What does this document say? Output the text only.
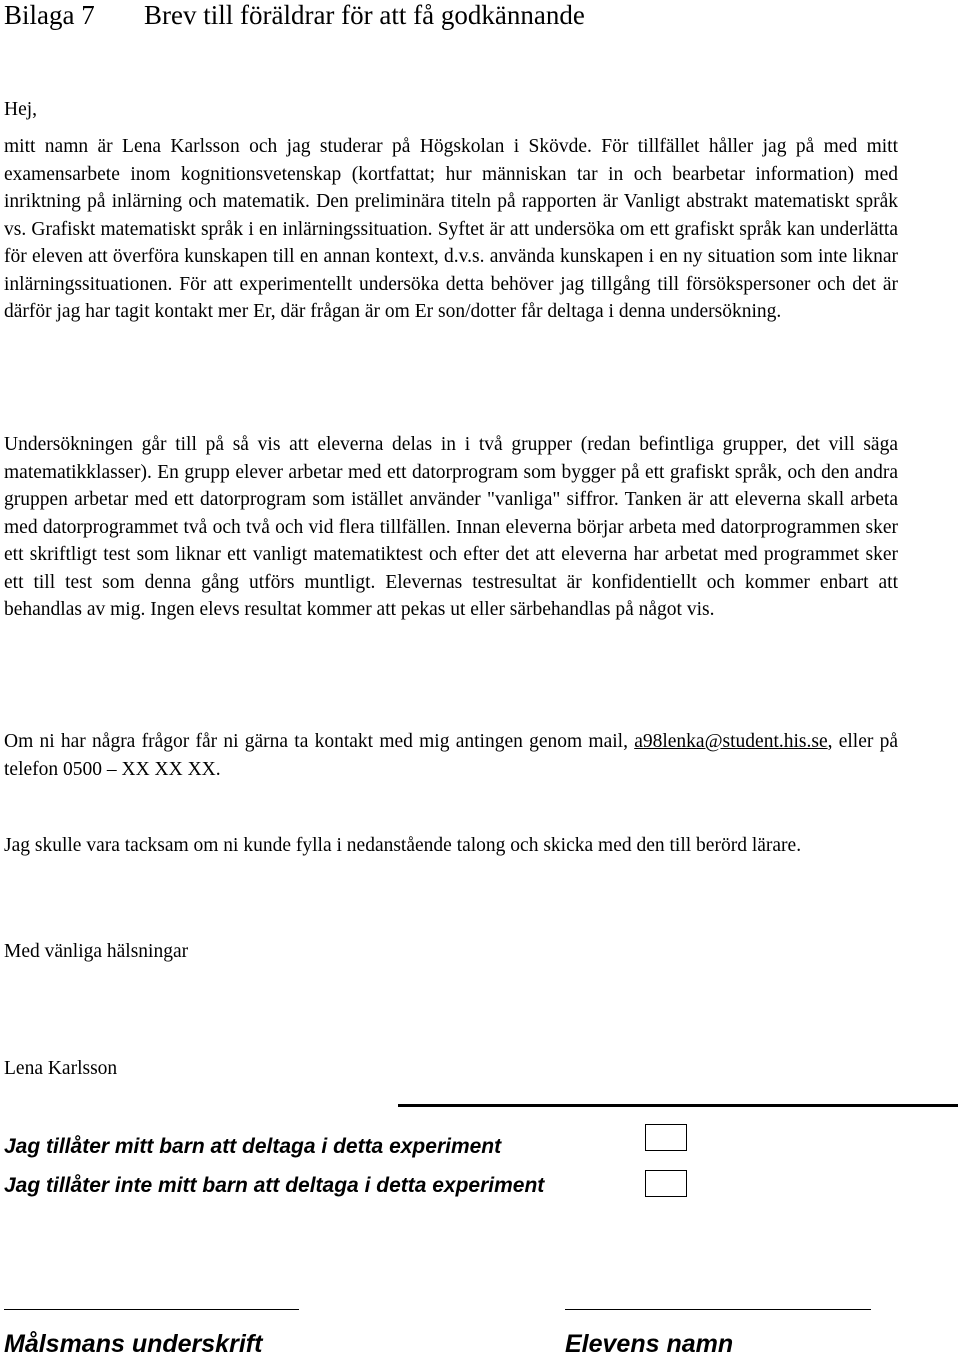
Bilaga 7 Brev till föräldrar för att få godkännande
Hej,
mitt namn är Lena Karlsson och jag studerar på Högskolan i Skövde. För tillfället håller jag på med mitt examensarbete inom kognitionsvetenskap (kortfattat; hur människan tar in och bearbetar information) med inriktning på inlärning och matematik. Den preliminära titeln på rapporten är Vanligt abstrakt matematiskt språk vs. Grafiskt matematiskt språk i en inlärningssituation. Syftet är att undersöka om ett grafiskt språk kan underlätta för eleven att överföra kunskapen till en annan kontext, d.v.s. använda kunskapen i en ny situation som inte liknar inlärningssituationen. För att experimentellt undersöka detta behöver jag tillgång till försökspersoner och det är därför jag har tagit kontakt mer Er, där frågan är om Er son/dotter får deltaga i denna undersökning.
Undersökningen går till på så vis att eleverna delas in i två grupper (redan befintliga grupper, det vill säga matematikklasser). En grupp elever arbetar med ett datorprogram som bygger på ett grafiskt språk, och den andra gruppen arbetar med ett datorprogram som istället använder "vanliga" siffror. Tanken är att eleverna skall arbeta med datorprogrammet två och två och vid flera tillfällen. Innan eleverna börjar arbeta med datorprogrammen sker ett skriftligt test som liknar ett vanligt matematiktest och efter det att eleverna har arbetat med programmet sker ett till test som denna gång utförs muntligt. Elevernas testresultat är konfidentiellt och kommer enbart att behandlas av mig. Ingen elevs resultat kommer att pekas ut eller särbehandlas på något vis.
Om ni har några frågor får ni gärna ta kontakt med mig antingen genom mail, a98lenka@student.his.se, eller på telefon 0500 – XX XX XX.
Jag skulle vara tacksam om ni kunde fylla i nedanstående talong och skicka med den till berörd lärare.
Med vänliga hälsningar
Lena Karlsson
Jag tillåter mitt barn att deltaga i detta experiment
Jag tillåter inte mitt barn att deltaga i detta experiment
Målsmans underskrift	Elevens namn
